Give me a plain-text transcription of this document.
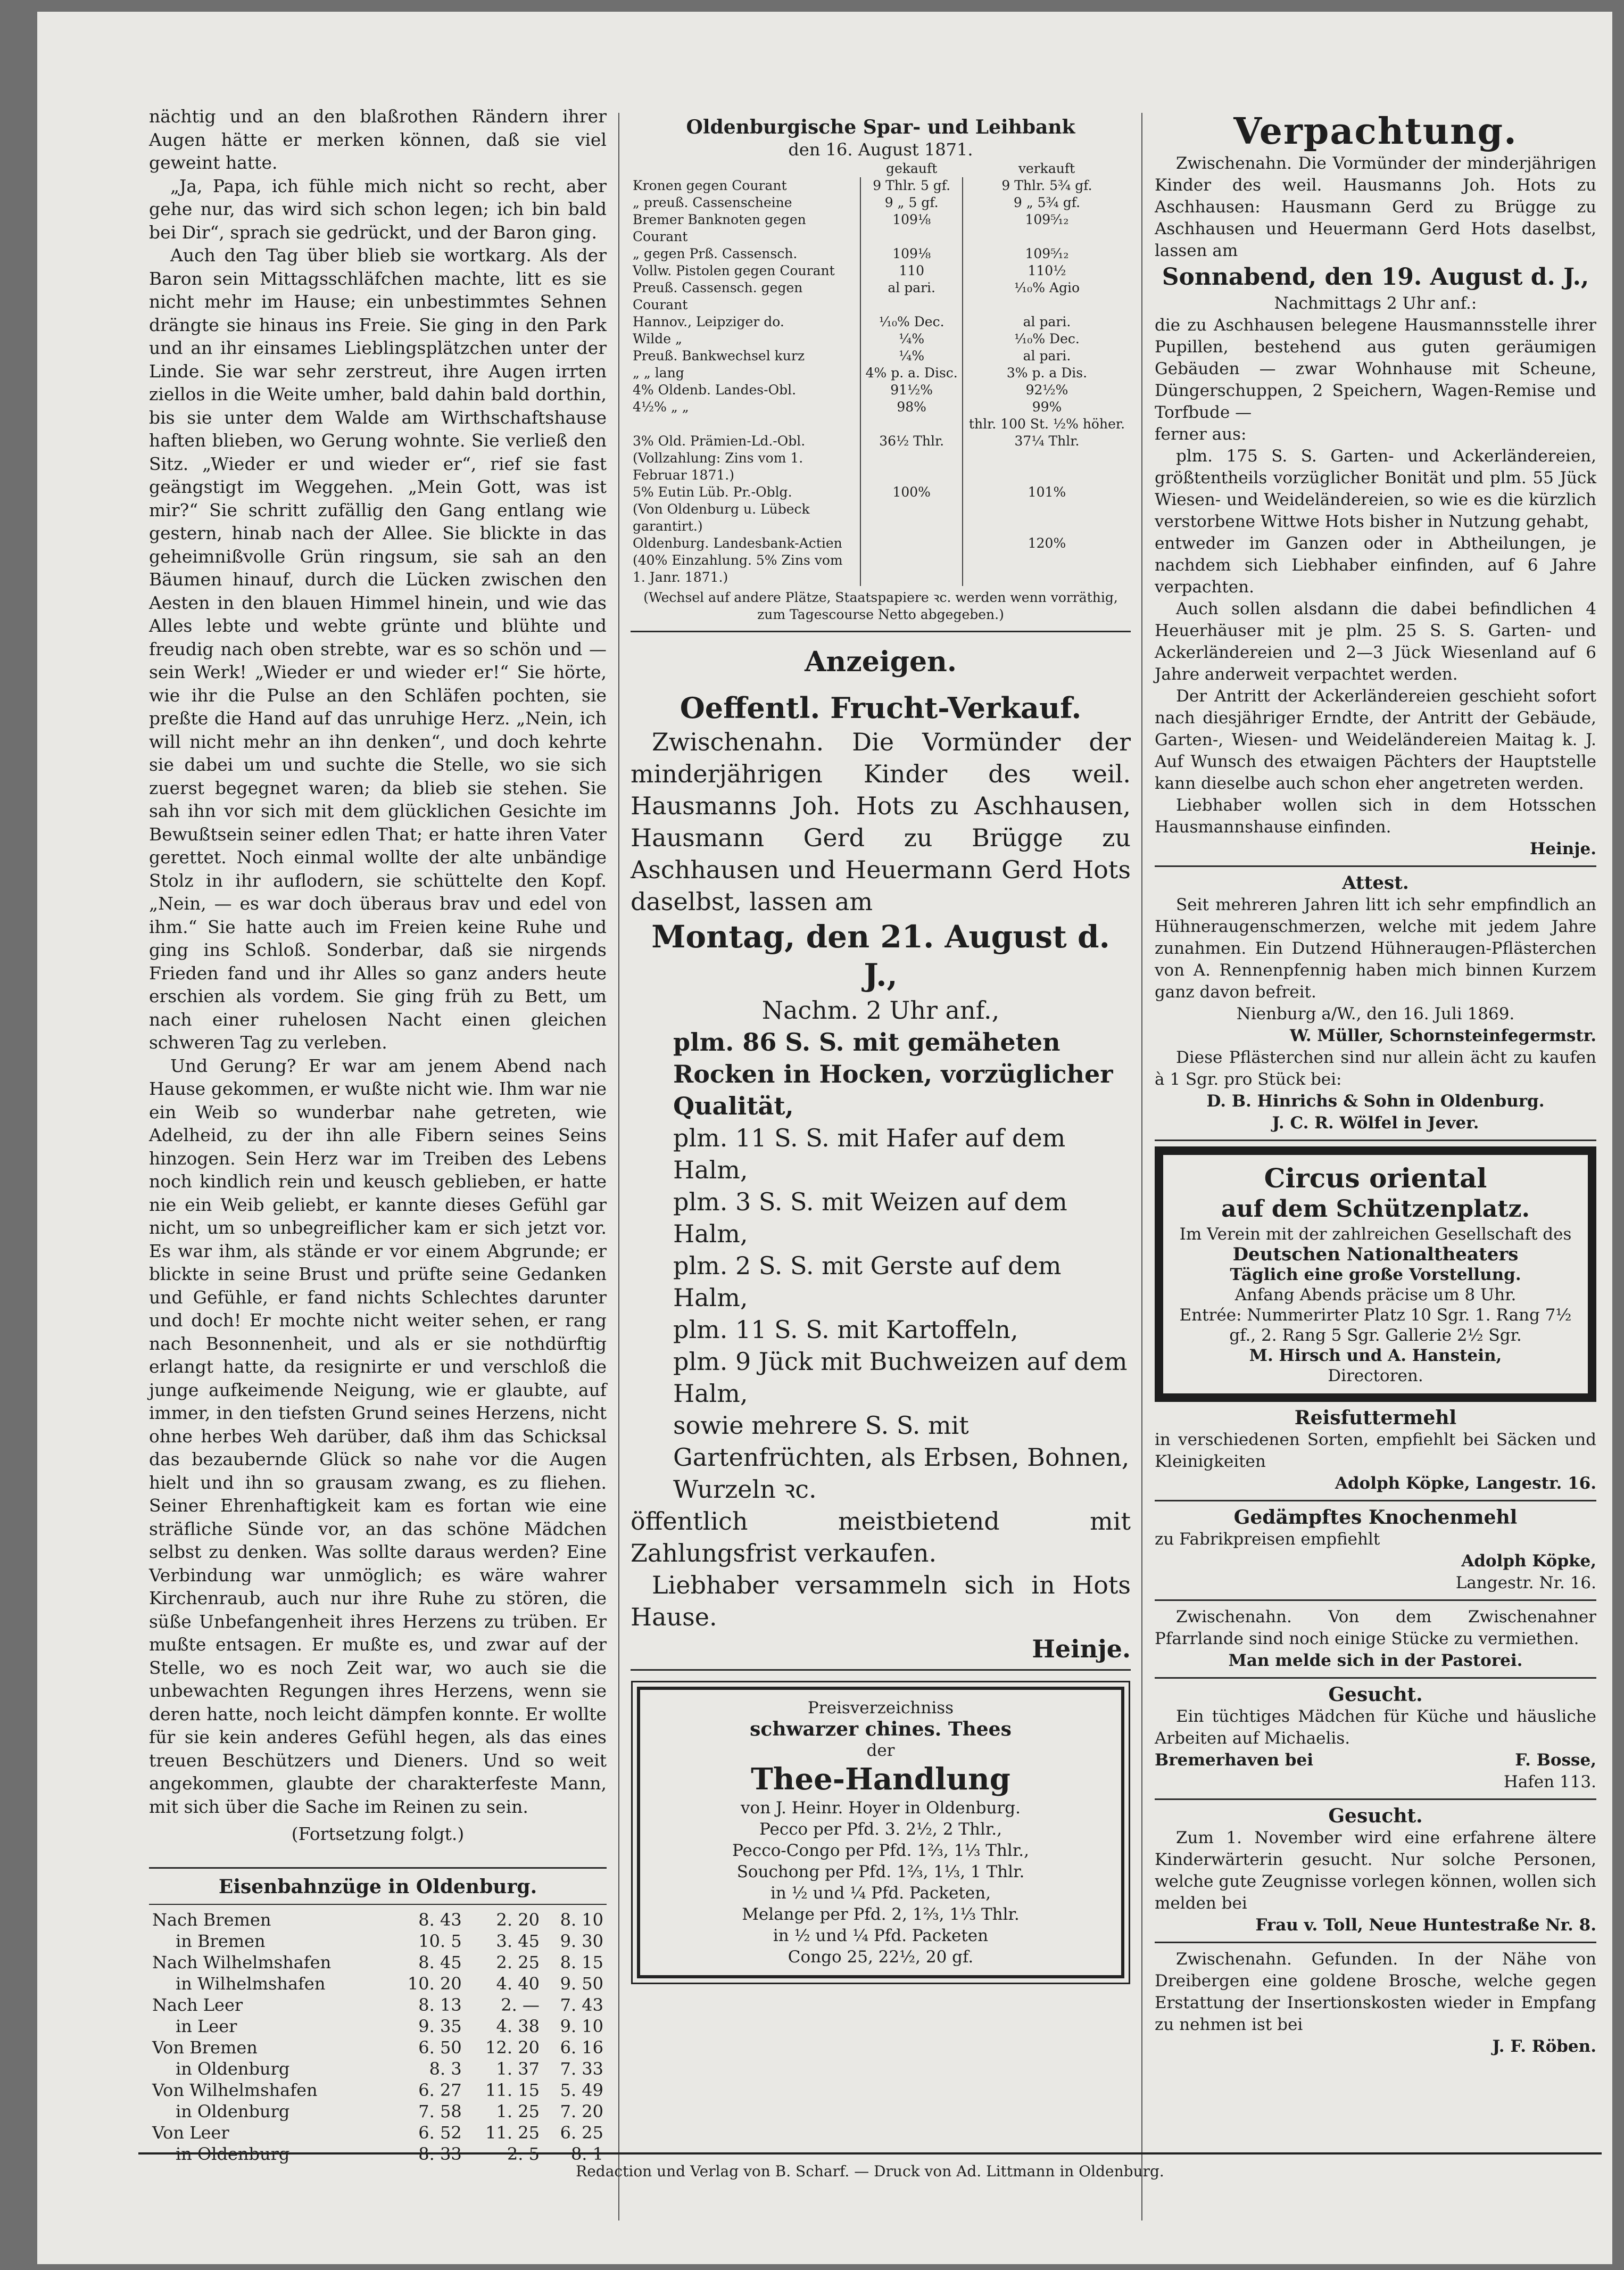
nächtig und an den blaßrothen Rändern ihrer Augen hätte er merken können, daß sie viel geweint hatte.

„Ja, Papa, ich fühle mich nicht so recht, aber gehe nur, das wird sich schon legen; ich bin bald bei Dir“, sprach sie gedrückt, und der Baron ging.

Auch den Tag über blieb sie wortkarg. Als der Baron sein Mittagsschläfchen machte, litt es sie nicht mehr im Hause; ein unbestimmtes Sehnen drängte sie hinaus ins Freie. Sie ging in den Park und an ihr einsames Lieblingsplätzchen unter der Linde. Sie war sehr zerstreut, ihre Augen irrten ziellos in die Weite umher, bald dahin bald dorthin, bis sie unter dem Walde am Wirthschaftshause haften blieben, wo Gerung wohnte. Sie verließ den Sitz. „Wieder er und wieder er“, rief sie fast geängstigt im Weggehen. „Mein Gott, was ist mir?“ Sie schritt zufällig den Gang entlang wie gestern, hinab nach der Allee. Sie blickte in das geheimnißvolle Grün ringsum, sie sah an den Bäumen hinauf, durch die Lücken zwischen den Aesten in den blauen Himmel hinein, und wie das Alles lebte und webte grünte und blühte und freudig nach oben strebte, war es so schön und — sein Werk! „Wieder er und wieder er!“ Sie hörte, wie ihr die Pulse an den Schläfen pochten, sie preßte die Hand auf das unruhige Herz. „Nein, ich will nicht mehr an ihn denken“, und doch kehrte sie dabei um und suchte die Stelle, wo sie sich zuerst begegnet waren; da blieb sie stehen. Sie sah ihn vor sich mit dem glücklichen Gesichte im Bewußtsein seiner edlen That; er hatte ihren Vater gerettet. Noch einmal wollte der alte unbändige Stolz in ihr auflodern, sie schüttelte den Kopf. „Nein, — es war doch überaus brav und edel von ihm.“ Sie hatte auch im Freien keine Ruhe und ging ins Schloß. Sonderbar, daß sie nirgends Frieden fand und ihr Alles so ganz anders heute erschien als vordem. Sie ging früh zu Bett, um nach einer ruhelosen Nacht einen gleichen schweren Tag zu verleben.

Und Gerung? Er war am jenem Abend nach Hause gekommen, er wußte nicht wie. Ihm war nie ein Weib so wunderbar nahe getreten, wie Adelheid, zu der ihn alle Fibern seines Seins hinzogen. Sein Herz war im Treiben des Lebens noch kindlich rein und keusch geblieben, er hatte nie ein Weib geliebt, er kannte dieses Gefühl gar nicht, um so unbegreiflicher kam er sich jetzt vor. Es war ihm, als stände er vor einem Abgrunde; er blickte in seine Brust und prüfte seine Gedanken und Gefühle, er fand nichts Schlechtes darunter und doch! Er mochte nicht weiter sehen, er rang nach Besonnenheit, und als er sie nothdürftig erlangt hatte, da resignirte er und verschloß die junge aufkeimende Neigung, wie er glaubte, auf immer, in den tiefsten Grund seines Herzens, nicht ohne herbes Weh darüber, daß ihm das Schicksal das bezaubernde Glück so nahe vor die Augen hielt und ihn so grausam zwang, es zu fliehen. Seiner Ehrenhaftigkeit kam es fortan wie eine sträfliche Sünde vor, an das schöne Mädchen selbst zu denken. Was sollte daraus werden? Eine Verbindung war unmöglich; es wäre wahrer Kirchenraub, auch nur ihre Ruhe zu stören, die süße Unbefangenheit ihres Herzens zu trüben. Er mußte entsagen. Er mußte es, und zwar auf der Stelle, wo es noch Zeit war, wo auch sie die unbewachten Regungen ihres Herzens, wenn sie deren hatte, noch leicht dämpfen konnte. Er wollte für sie kein anderes Gefühl hegen, als das eines treuen Beschützers und Dieners. Und so weit angekommen, glaubte der charakterfeste Mann, mit sich über die Sache im Reinen zu sein.

(Fortsetzung folgt.)

Eisenbahnzüge in Oldenburg.
Nach Bremen	8. 43	2. 20	8. 10
in Bremen	10. 5	3. 45	9. 30
Nach Wilhelmshafen	8. 45	2. 25	8. 15
in Wilhelmshafen	10. 20	4. 40	9. 50
Nach Leer	8. 13	2. —	7. 43
in Leer	9. 35	4. 38	9. 10
Von Bremen	6. 50	12. 20	6. 16
in Oldenburg	8. 3	1. 37	7. 33
Von Wilhelmshafen	6. 27	11. 15	5. 49
in Oldenburg	7. 58	1. 25	7. 20
Von Leer	6. 52	11. 25	6. 25
in Oldenburg	8. 33	2. 5	8. 1
Oldenburgische Spar- und Leihbank
den 16. August 1871.
	gekauft	verkauft
Kronen gegen Courant	9 Thlr. 5 gf.	9 Thlr. 5¾ gf.
„ preuß. Cassenscheine	9 „ 5 gf.	9 „ 5¾ gf.
Bremer Banknoten gegen Courant	109⅛	109⁵⁄₁₂
„ gegen Prß. Cassensch.	109⅛	109⁵⁄₁₂
Vollw. Pistolen gegen Courant	110	110½
Preuß. Cassensch. gegen Courant	al pari.	¹⁄₁₀% Agio
Hannov., Leipziger do.	¹⁄₁₀% Dec.	al pari.
Wilde „	¼%	¹⁄₁₀% Dec.
Preuß. Bankwechsel kurz	¼%	al pari.
„ „ lang	4% p. a. Disc.	3% p. a Dis.
4% Oldenb. Landes-Obl.	91½%	92½%
4½% „ „	98%	99%
		thlr. 100 St. ½% höher.
3% Old. Prämien-Ld.-Obl.	36½ Thlr.	37¼ Thlr.
(Vollzahlung: Zins vom 1. Februar 1871.)		
5% Eutin Lüb. Pr.-Oblg.	100%	101%
(Von Oldenburg u. Lübeck garantirt.)		
Oldenburg. Landesbank-Actien		120%
(40% Einzahlung. 5% Zins vom 1. Janr. 1871.)		

(Wechsel auf andere Plätze, Staatspapiere ꝛc. werden wenn vorräthig, zum Tagescourse Netto abgegeben.)

Anzeigen.
Oeffentl. Frucht-Verkauf.

Zwischenahn. Die Vormünder der minderjährigen Kinder des weil. Hausmanns Joh. Hots zu Aschhausen, Hausmann Gerd zu Brügge zu Aschhausen und Heuermann Gerd Hots daselbst, lassen am

Montag, den 21. August d. J.,

Nachm. 2 Uhr anf.,

plm. 86 S. S. mit gemäheten Rocken in Hocken, vorzüglicher Qualität,

plm. 11 S. S. mit Hafer auf dem Halm,

plm. 3 S. S. mit Weizen auf dem Halm,

plm. 2 S. S. mit Gerste auf dem Halm,

plm. 11 S. S. mit Kartoffeln,

plm. 9 Jück mit Buchweizen auf dem Halm,

sowie mehrere S. S. mit Gartenfrüchten, als Erbsen, Bohnen, Wurzeln ꝛc.

öffentlich meistbietend mit Zahlungsfrist verkaufen.

Liebhaber versammeln sich in Hots Hause.

Heinje.

Preisverzeichniss
schwarzer chines. Thees
der
Thee-Handlung
von J. Heinr. Hoyer in Oldenburg.
Pecco per Pfd. 3. 2½, 2 Thlr.,
Pecco-Congo per Pfd. 1⅔, 1⅓ Thlr.,
Souchong per Pfd. 1⅔, 1⅓, 1 Thlr.
in ½ und ¼ Pfd. Packeten,
Melange per Pfd. 2, 1⅔, 1⅓ Thlr.
in ½ und ¼ Pfd. Packeten
Congo 25, 22½, 20 gf.
Verpachtung.

Zwischenahn. Die Vormünder der minderjährigen Kinder des weil. Hausmanns Joh. Hots zu Aschhausen: Hausmann Gerd zu Brügge zu Aschhausen und Heuermann Gerd Hots daselbst, lassen am

Sonnabend, den 19. August d. J.,

Nachmittags 2 Uhr anf.:

die zu Aschhausen belegene Hausmannsstelle ihrer Pupillen, bestehend aus guten geräumigen Gebäuden — zwar Wohnhause mit Scheune, Düngerschuppen, 2 Speichern, Wagen-Remise und Torfbude —

ferner aus:

plm. 175 S. S. Garten- und Ackerländereien, größtentheils vorzüglicher Bonität und plm. 55 Jück Wiesen- und Weideländereien, so wie es die kürzlich verstorbene Wittwe Hots bisher in Nutzung gehabt,

entweder im Ganzen oder in Abtheilungen, je nachdem sich Liebhaber einfinden, auf 6 Jahre verpachten.

Auch sollen alsdann die dabei befindlichen 4 Heuerhäuser mit je plm. 25 S. S. Garten- und Ackerländereien und 2—3 Jück Wiesenland auf 6 Jahre anderweit verpachtet werden.

Der Antritt der Ackerländereien geschieht sofort nach diesjähriger Erndte, der Antritt der Gebäude, Garten-, Wiesen- und Weideländereien Maitag k. J. Auf Wunsch des etwaigen Pächters der Hauptstelle kann dieselbe auch schon eher angetreten werden.

Liebhaber wollen sich in dem Hotsschen Hausmannshause einfinden.

Heinje.

Attest.

Seit mehreren Jahren litt ich sehr empfindlich an Hühneraugenschmerzen, welche mit jedem Jahre zunahmen. Ein Dutzend Hühneraugen-Pflästerchen von A. Rennenpfennig haben mich binnen Kurzem ganz davon befreit.

Nienburg a/W., den 16. Juli 1869.

W. Müller, Schornsteinfegermstr.

Diese Pflästerchen sind nur allein ächt zu kaufen à 1 Sgr. pro Stück bei:

D. B. Hinrichs & Sohn in Oldenburg.

J. C. R. Wölfel in Jever.

Circus oriental
auf dem Schützenplatz.
Im Verein mit der zahlreichen Gesellschaft des
Deutschen Nationaltheaters
Täglich eine große Vorstellung.
Anfang Abends präcise um 8 Uhr.
Entrée: Nummerirter Platz 10 Sgr. 1. Rang 7½ gf., 2. Rang 5 Sgr. Gallerie 2½ Sgr.
M. Hirsch und A. Hanstein,
Directoren.
Reisfuttermehl

in verschiedenen Sorten, empfiehlt bei Säcken und Kleinigkeiten

Adolph Köpke, Langestr. 16.

Gedämpftes Knochenmehl

zu Fabrikpreisen empfiehlt

Adolph Köpke,

Langestr. Nr. 16.

Zwischenahn. Von dem Zwischenahner Pfarrlande sind noch einige Stücke zu vermiethen.

Man melde sich in der Pastorei.

Gesucht.

Ein tüchtiges Mädchen für Küche und häusliche Arbeiten auf Michaelis.

Bremerhaven bei	F. Bosse,

Hafen 113.

Gesucht.

Zum 1. November wird eine erfahrene ältere Kinderwärterin gesucht. Nur solche Personen, welche gute Zeugnisse vorlegen können, wollen sich melden bei

Frau v. Toll, Neue Huntestraße Nr. 8.

Zwischenahn. Gefunden. In der Nähe von Dreibergen eine goldene Brosche, welche gegen Erstattung der Insertionskosten wieder in Empfang zu nehmen ist bei

J. F. Röben.

Redaction und Verlag von B. Scharf. — Druck von Ad. Littmann in Oldenburg.
